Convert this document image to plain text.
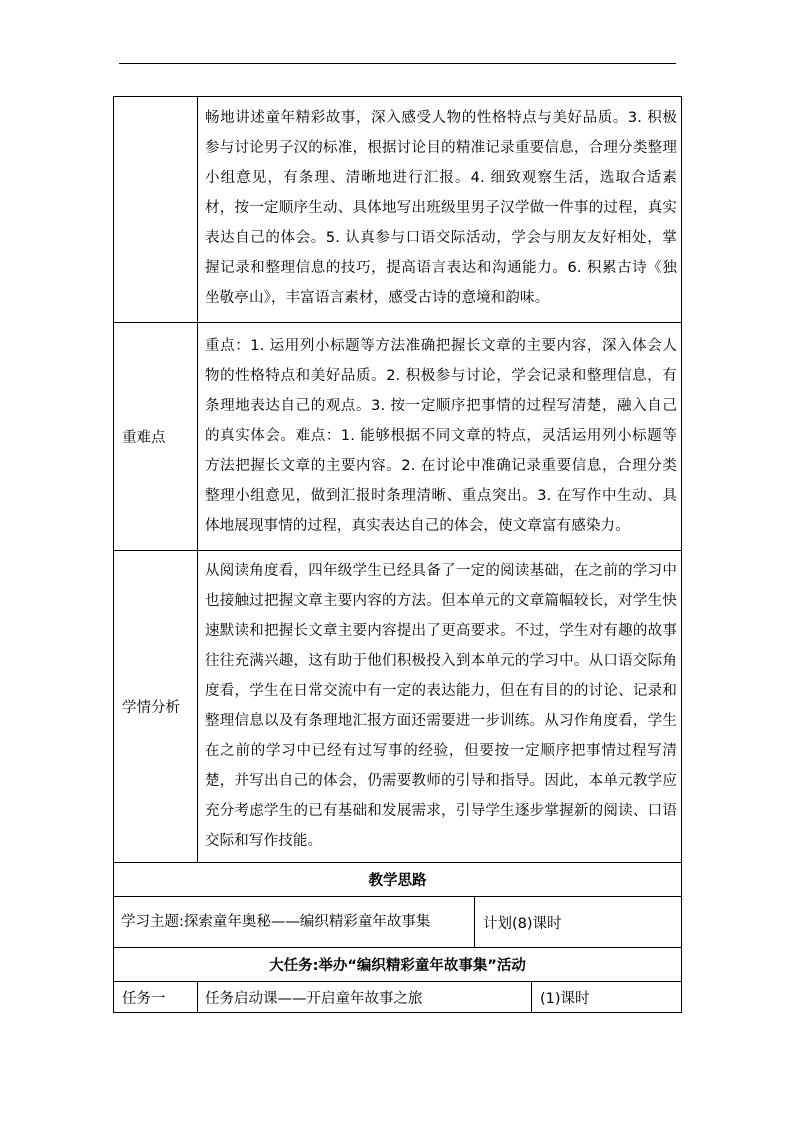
	畅地讲述童年精彩故事，深入感受人物的性格特点与美好品质。3. 积极参与讨论男子汉的标准，根据讨论目的精准记录重要信息，合理分类整理小组意见，有条理、清晰地进行汇报。4. 细致观察生活，选取合适素材，按一定顺序生动、具体地写出班级里男子汉学做一件事的过程，真实表达自己的体会。5. 认真参与口语交际活动，学会与朋友友好相处，掌握记录和整理信息的技巧，提高语言表达和沟通能力。6. 积累古诗《独坐敬亭山》，丰富语言素材，感受古诗的意境和韵味。		
重难点	重点：1. 运用列小标题等方法准确把握长文章的主要内容，深入体会人物的性格特点和美好品质。2. 积极参与讨论，学会记录和整理信息，有条理地表达自己的观点。3. 按一定顺序把事情的过程写清楚，融入自己的真实体会。难点：1. 能够根据不同文章的特点，灵活运用列小标题等方法把握长文章的主要内容。2. 在讨论中准确记录重要信息，合理分类整理小组意见，做到汇报时条理清晰、重点突出。3. 在写作中生动、具体地展现事情的过程，真实表达自己的体会，使文章富有感染力。		
学情分析	从阅读角度看，四年级学生已经具备了一定的阅读基础，在之前的学习中也接触过把握文章主要内容的方法。但本单元的文章篇幅较长，对学生快速默读和把握长文章主要内容提出了更高要求。不过，学生对有趣的故事往往充满兴趣，这有助于他们积极投入到本单元的学习中。从口语交际角度看，学生在日常交流中有一定的表达能力，但在有目的的讨论、记录和整理信息以及有条理地汇报方面还需要进一步训练。从习作角度看，学生在之前的学习中已经有过写事的经验，但要按一定顺序把事情过程写清楚，并写出自己的体会，仍需要教师的引导和指导。因此，本单元教学应充分考虑学生的已有基础和发展需求，引导学生逐步掌握新的阅读、口语交际和写作技能。		
教学思路			
学习主题:探索童年奥秘——编织精彩童年故事集		计划(8)课时	
大任务:举办“编织精彩童年故事集”活动			
任务一	任务启动课——开启童年故事之旅		(1)课时
